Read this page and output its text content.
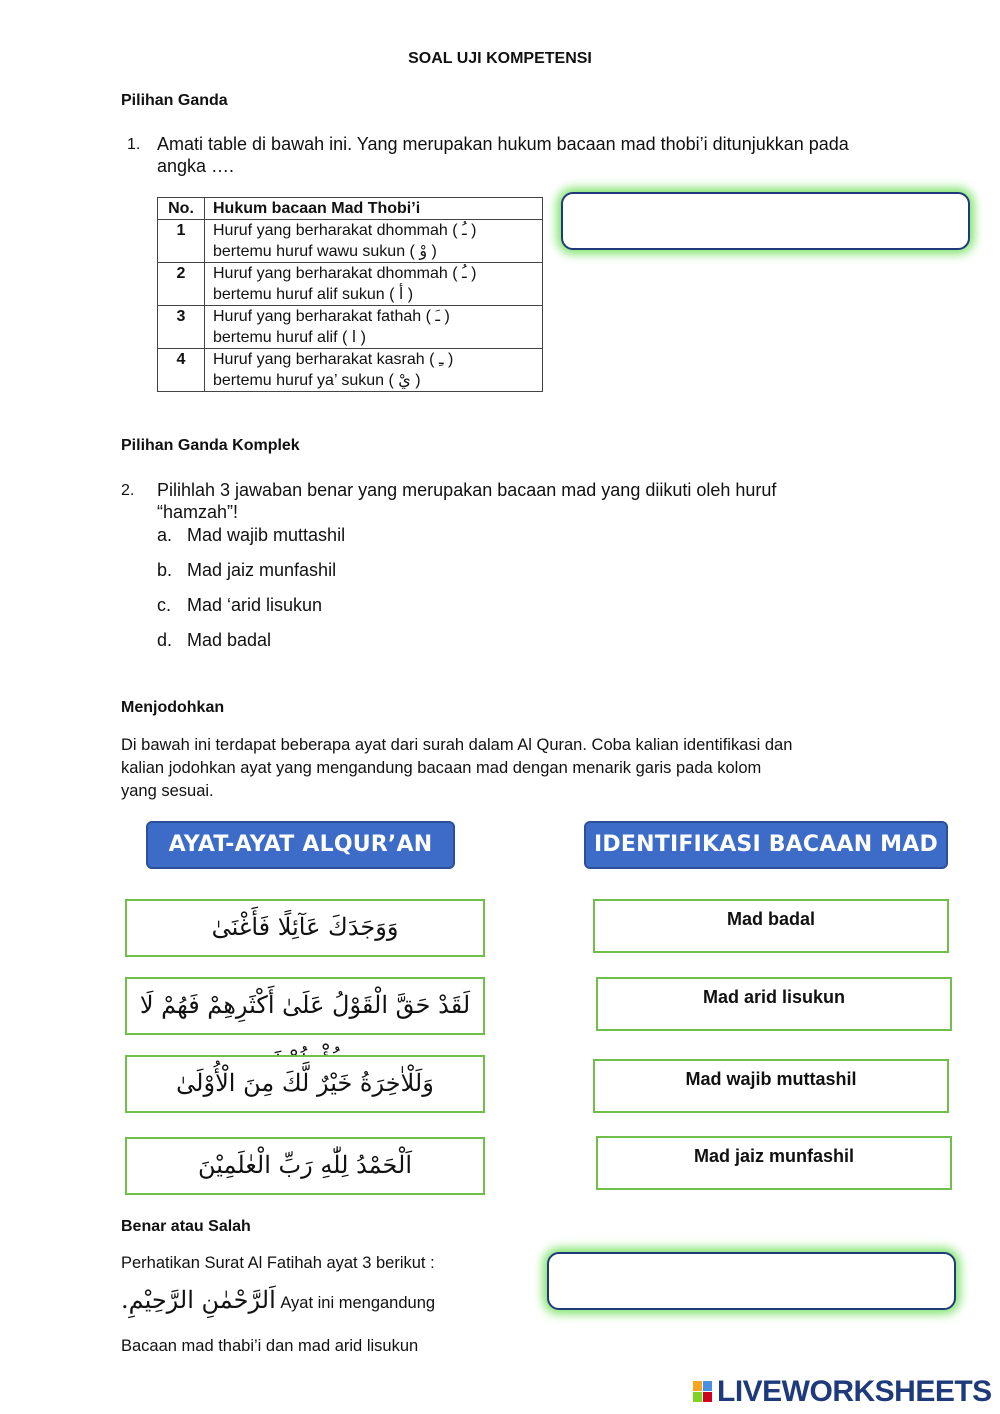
SOAL UJI KOMPETENSI
Pilihan Ganda
1. Amati table di bawah ini. Yang merupakan hukum bacaan mad thobi’i ditunjukkan pada
angka ….
No.	Hukum bacaan Mad Thobi’i
1	Huruf yang berharakat dhommah ( ـُ )
bertemu huruf wawu sukun ( وْ )

2	Huruf yang berharakat dhommah ( ـُ )
bertemu huruf alif sukun ( أ )

3	Huruf yang berharakat fathah ( ـَ )
bertemu huruf alif ( ا )

4	Huruf yang berharakat kasrah ( ـِ )
bertemu huruf ya’ sukun ( يْ )
Pilihan Ganda Komplek
2. Pilihlah 3 jawaban benar yang merupakan bacaan mad yang diikuti oleh huruf
“hamzah”!
a. Mad wajib muttashil
b. Mad jaiz munfashil
c. Mad ‘arid lisukun
d. Mad badal
Menjodohkan
Di bawah ini terdapat beberapa ayat dari surah dalam Al Quran. Coba kalian identifikasi dan
kalian jodohkan ayat yang mengandung bacaan mad dengan menarik garis pada kolom
yang sesuai.
AYAT-AYAT ALQUR’AN	IDENTIFIKASI BACAAN MAD
وَوَجَدَكَ عَآئِلًا فَأَغْنَىٰ
لَقَدْ حَقَّ الْقَوْلُ عَلَىٰ أَكْثَرِهِمْ فَهُمْ لَا
وَلَلْاٰخِرَةُ خَيْرٌ لَّكَ مِنَ الْأُوْلَىٰ
اَلْحَمْدُ لِلّٰهِ رَبِّ الْعٰلَمِيْنَ
Mad badal
Mad arid lisukun
Mad wajib muttashil
Mad jaiz munfashil
Benar atau Salah
Perhatikan Surat Al Fatihah ayat 3 berikut :
اَلرَّحْمٰنِ الرَّحِيْمِ. Ayat ini mengandung
Bacaan mad thabi’i dan mad arid lisukun
LIVEWORKSHEETS
